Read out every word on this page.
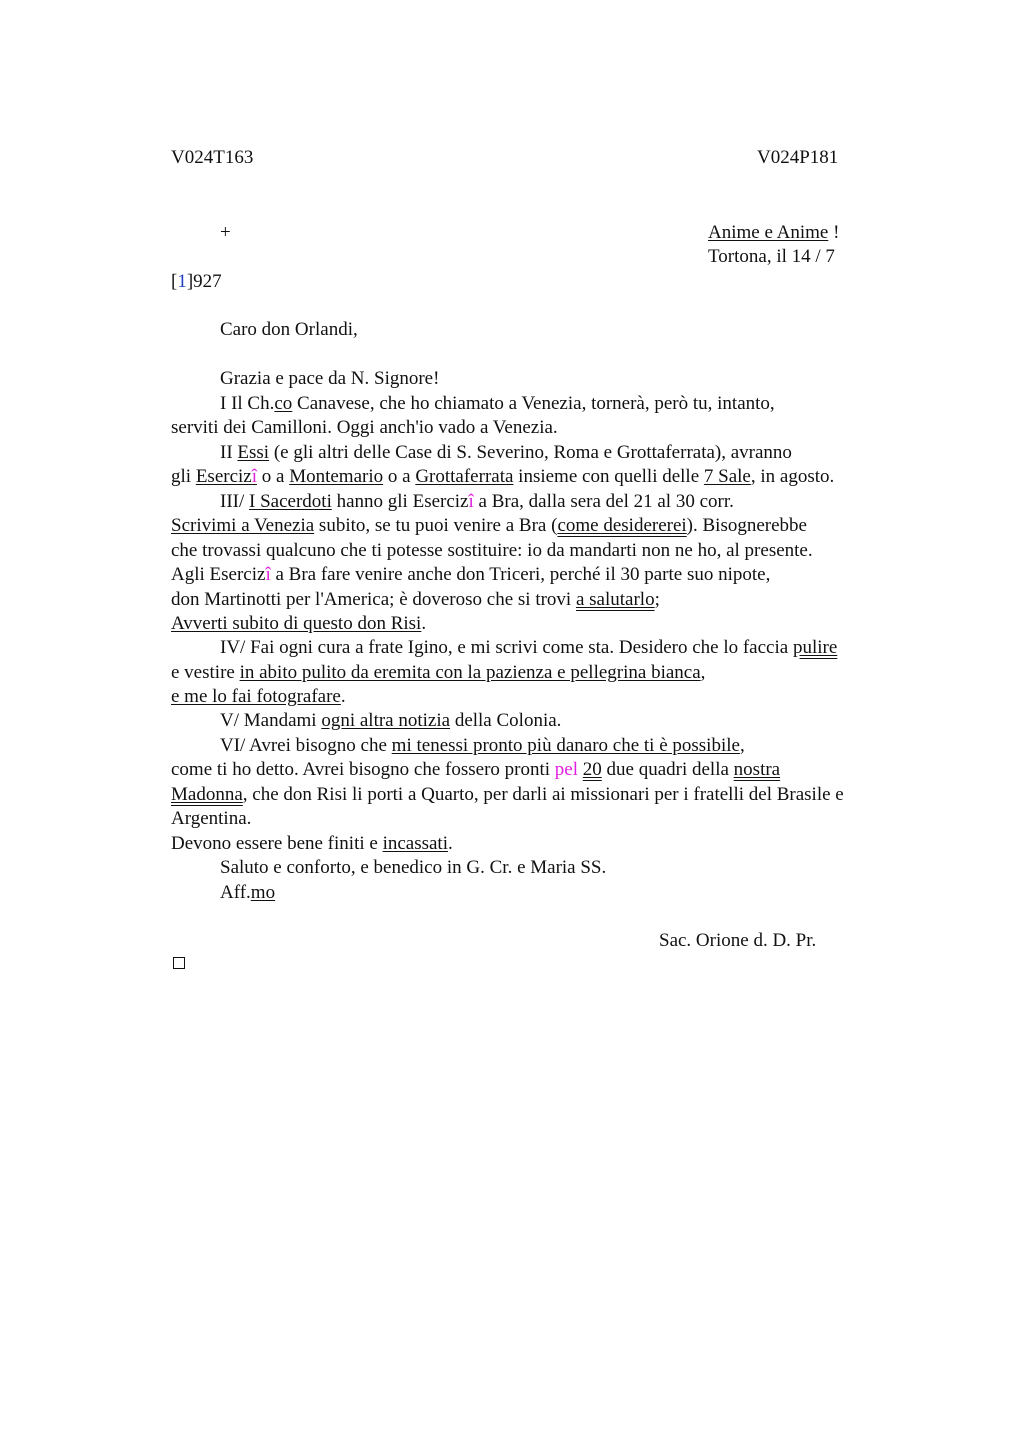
V024T163	V024P181
+	Anime e Anime !
Tortona, il 14 / 7
[1]927
Caro don Orlandi,
Grazia e pace da N. Signore!
I Il Ch.co Canavese, che ho chiamato a Venezia, tornerà, però tu, intanto,
serviti dei Camilloni. Oggi anch'io vado a Venezia.
II Essi (e gli altri delle Case di S. Severino, Roma e Grottaferrata), avranno
gli Esercizî o a Montemario o a Grottaferrata insieme con quelli delle 7 Sale, in agosto.
III/ I Sacerdoti hanno gli Esercizî a Bra, dalla sera del 21 al 30 corr.
Scrivimi a Venezia subito, se tu puoi venire a Bra (come desidererei). Bisognerebbe
che trovassi qualcuno che ti potesse sostituire: io da mandarti non ne ho, al presente.
Agli Esercizî a Bra fare venire anche don Triceri, perché il 30 parte suo nipote,
don Martinotti per l'America; è doveroso che si trovi a salutarlo;
Avverti subito di questo don Risi.
IV/ Fai ogni cura a frate Igino, e mi scrivi come sta. Desidero che lo faccia pulire
e vestire in abito pulito da eremita con la pazienza e pellegrina bianca,
e me lo fai fotografare.
V/ Mandami ogni altra notizia della Colonia.
VI/ Avrei bisogno che mi tenessi pronto più danaro che ti è possibile,
come ti ho detto. Avrei bisogno che fossero pronti pel 20 due quadri della nostra
Madonna, che don Risi li porti a Quarto, per darli ai missionari per i fratelli del Brasile e
Argentina.
Devono essere bene finiti e incassati.
Saluto e conforto, e benedico in G. Cr. e Maria SS.
Aff.mo
Sac. Orione d. D. Pr.
